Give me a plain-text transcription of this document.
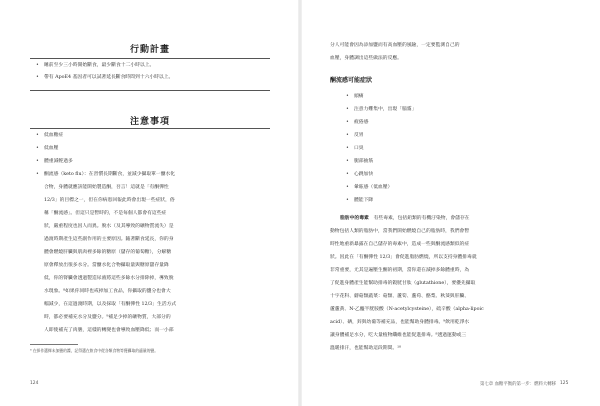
行動計畫
• 睡前至少三小時開始斷食，最少斷食十二小時以上。
• 帶有 ApoE4 基因者可以試著延長斷食時間到十六小時以上。
注意事項
• 低血糖症
• 低血壓
• 體重減輕過多
• 酮流感（keto flu）：在習慣長期斷食，並減少攝取單一醣水化
合物，身體就應該能開始製造酮，吾言！這就是「有酮彈性
12/3」的目標之一，但在你病患回報此時會出現一些症狀，俗
稱「酮流感」。但這只是暫時的，不是每個人都會有這些症
狀，嚴重程度也因人而異。脫水（及其導致的礦物質流失）是
過渡時期產生這些副作用的主要原因。隨著斷食延長，你的身
體會燃燒肝臟與肌肉裡多餘的糖原（儲存的葡萄糖），分解糖
原會釋放出很多水分。當醣水化合物攝取量與糖原儲存量降
低，你的腎臟會透過製造尿液將這些多餘水分排除掉，導致脫
水現象。⁸如果你同時也戒掉加工食品，你攝取的鹽分也會大
幅減少，在這過渡時期，以及採取「有酮彈性 12/3」生活方式
時，都必要補充水分及鹽分。⁹補足少掉的礦物質，大部分的
人即使補充了肉膳，這樣的轉變也會導致血壓降低；而一小部
⁸ 在採作選擇未加鹽的醬，記得選在飲食中從各類食物等獲攝取的適量的鹽。
124
分人可能會因為添加鹽而有高血壓的風險，一定要監測自己的
血壓，身體調出這些做法的反應。
酮流感可能症狀
• 頭痛
• 注意力難集中，出現「腦霧」
• 疲倦感
• 反胃
• 口臭
• 腿部抽筋
• 心跳加快
• 暈眩感（低血壓）
• 體能下降
脂肪中的毒素　 有些毒素，包括鉛類的有機汙染物，會儲存在
動物包括人類的脂肪中，當我們開始燃燒自己的脂肪時，我們會暫
時性地重新暴露在自己儲存的毒素中，造成一些與酮流感類似的症
狀。因此在「有酮彈性 12/3」會促進脂肪燃燒，所以支持身體排毒就
非常重要，尤其是遍壓生酮的初期，當你還在減掉多餘體重時，為
了促進身體產生能幫助排毒的穀胱甘肽（glutathione），要優先攝取
十字花科、蘑菇類蔬菜：菇類、蘆筍、蘆荀、酪梨、秋葵與肝臟、
蘆蘆黃、N-乙醯半胱胺酸（N-acetylcysteine），硫辛酸（alpha-lipoic
acid）、硒，鋅與幼葡等補充品，也能幫助身體排毒。⁹飲用乾淨水
讓身體補足水分，吃大量植物纖維也能促進排毒。⁸透過運動或三
溫暖排汗，也能幫助這段期間。¹⁰
第七章 血糖平衡的第一步：燃料大轉移 125
